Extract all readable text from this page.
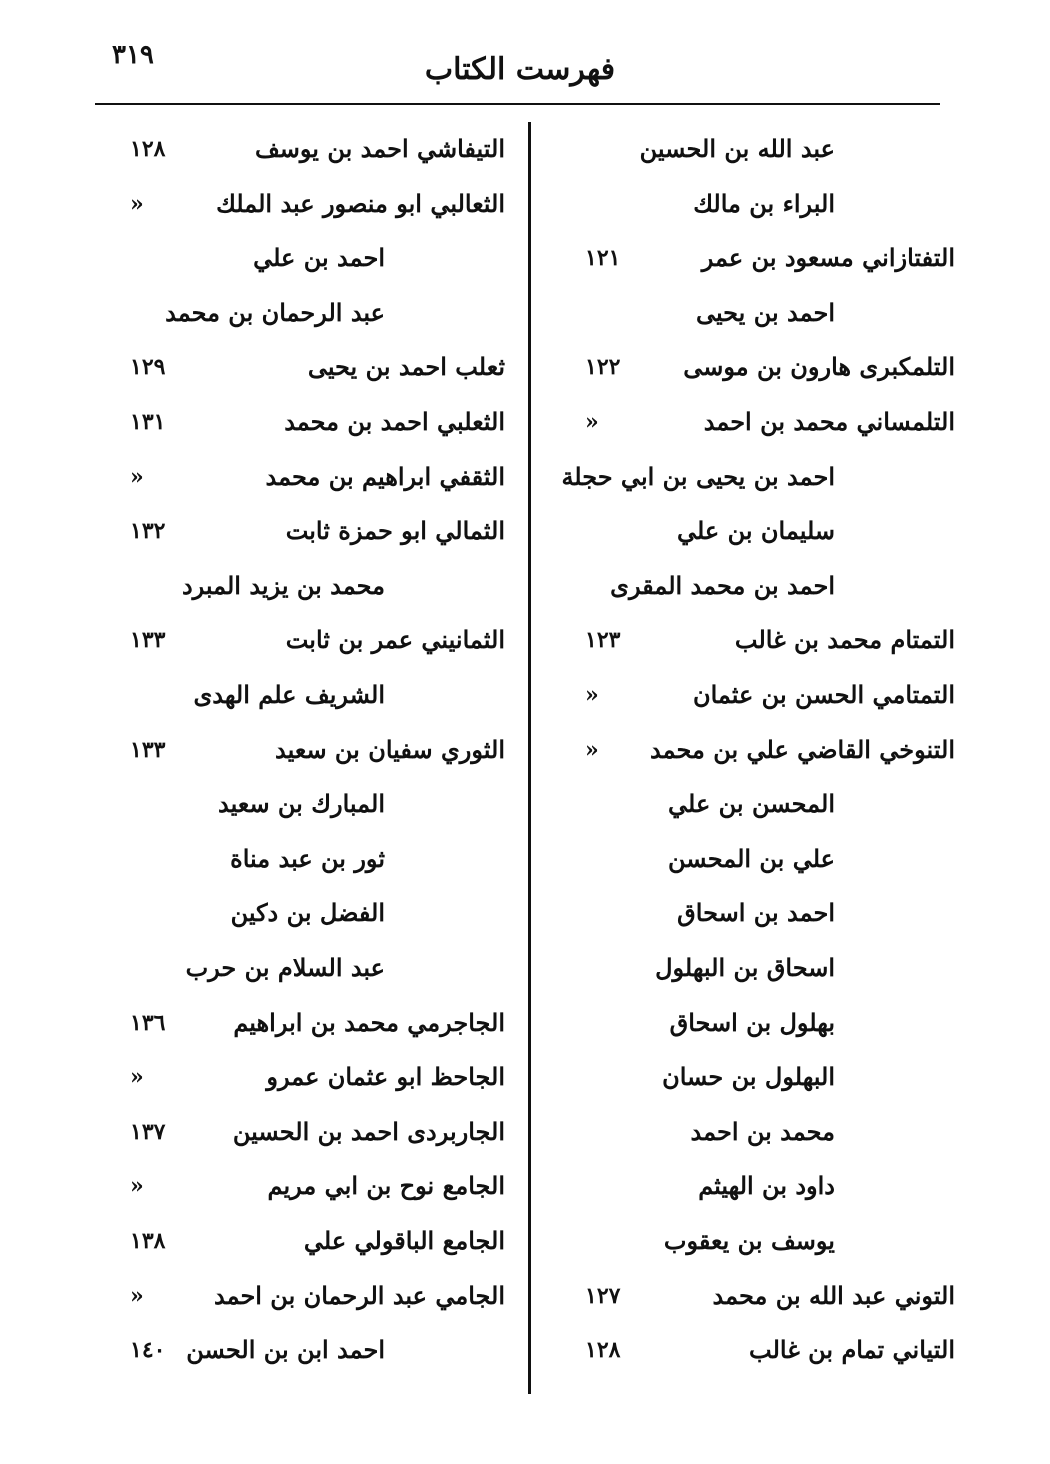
٣١٩	فهرست الكتاب
عبد الله بن الحسين
البراء بن مالك
التفتازاني مسعود بن عمر
١٢١
احمد بن يحيى
التلمكبرى هارون بن موسى
١٢٢
التلمساني محمد بن احمد
«
احمد بن يحيى بن ابي حجلة
سليمان بن علي
احمد بن محمد المقرى
التمتام محمد بن غالب
١٢٣
التمتامي الحسن بن عثمان
«
التنوخي القاضي علي بن محمد
«
المحسن بن علي
علي بن المحسن
احمد بن اسحاق
اسحاق بن البهلول
بهلول بن اسحاق
البهلول بن حسان
محمد بن احمد
داود بن الهيثم
يوسف بن يعقوب
التوني عبد الله بن محمد
١٢٧
التياني تمام بن غالب
١٢٨
التيفاشي احمد بن يوسف
١٢٨
الثعالبي ابو منصور عبد الملك
«
احمد بن علي
عبد الرحمان بن محمد
ثعلب احمد بن يحيى
١٢٩
الثعلبي احمد بن محمد
١٣١
الثقفي ابراهيم بن محمد
«
الثمالي ابو حمزة ثابت
١٣٢
محمد بن يزيد المبرد
الثمانيني عمر بن ثابت
١٣٣
الشريف علم الهدى
الثوري سفيان بن سعيد
١٣٣
المبارك بن سعيد
ثور بن عبد مناة
الفضل بن دكين
عبد السلام بن حرب
الجاجرمي محمد بن ابراهيم
١٣٦
الجاحظ ابو عثمان عمرو
«
الجاربردى احمد بن الحسين
١٣٧
الجامع نوح بن ابي مريم
«
الجامع الباقولي علي
١٣٨
الجامي عبد الرحمان بن احمد
«
احمد ابن بن الحسن
١٤٠
